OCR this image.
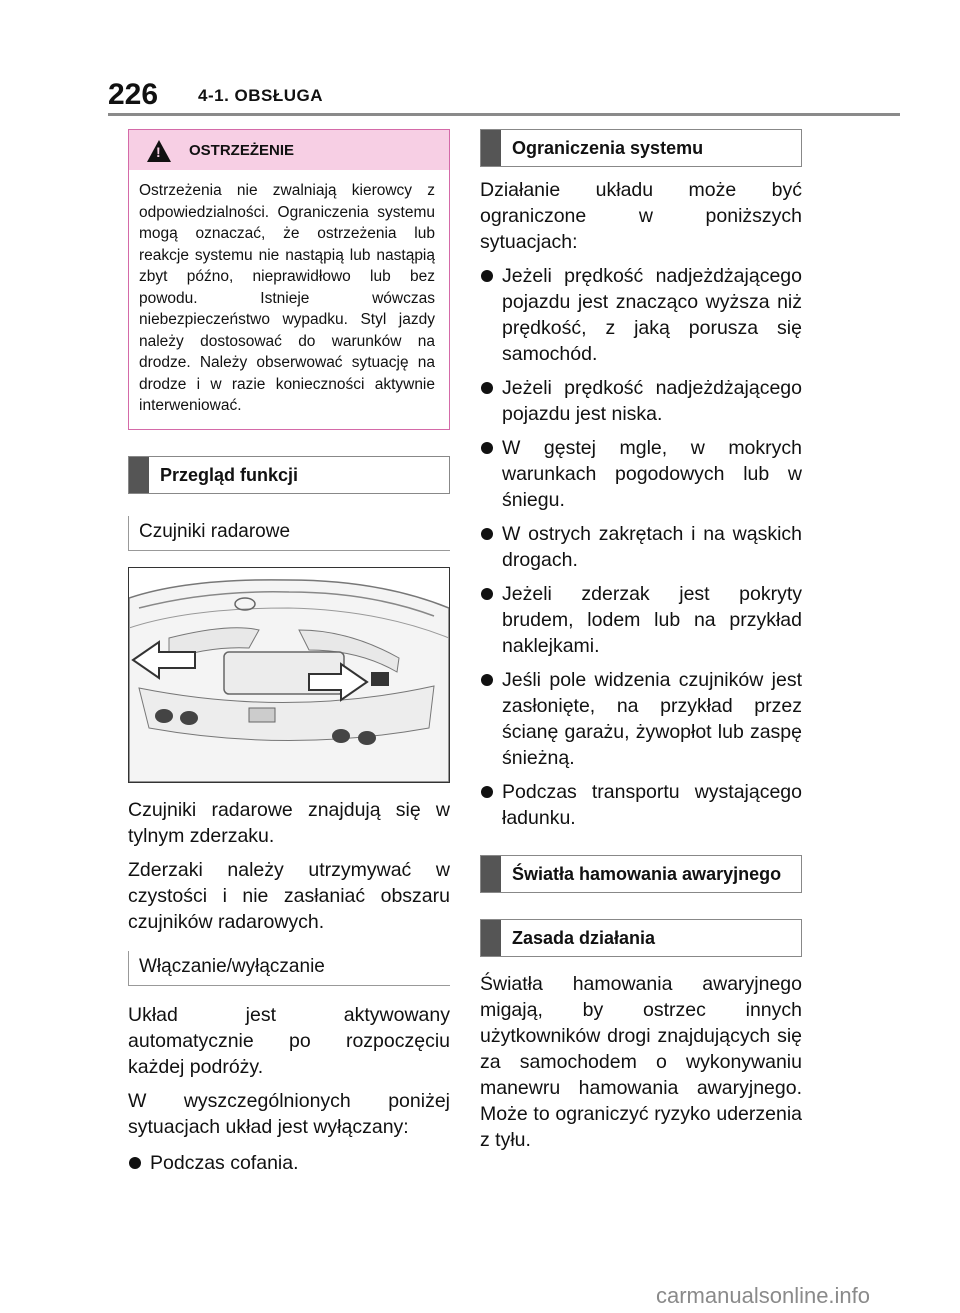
226 4-1. OBSŁUGA
!
OSTRZEŻENIE
Ostrzeżenia nie zwalniają kierowcy z odpowiedzialności. Ograniczenia systemu mogą oznaczać, że ostrzeżenia lub reakcje systemu nie nastąpią lub nastąpią zbyt późno, nieprawidłowo lub bez powodu. Istnieje wówczas niebezpieczeństwo wypadku. Styl jazdy należy dostosować do warunków na drodze. Należy obserwować sytuację na drodze i w razie konieczności aktywnie interweniować.
Przegląd funkcji
Czujniki radarowe

Czujniki radarowe znajdują się w tylnym zderzaku.

Zderzaki należy utrzymywać w czystości i nie zasłaniać obszaru czujników radarowych.

Włączanie/wyłączanie

Układ jest aktywowany automatycznie po rozpoczęciu każdej podróży.

W wyszczególnionych poniżej sytuacjach układ jest wyłączany:

Podczas cofania.
Ograniczenia systemu

Działanie układu może być ograniczone w poniższych sytuacjach:

Jeżeli prędkość nadjeżdżającego pojazdu jest znacząco wyższa niż prędkość, z jaką porusza się samochód.
Jeżeli prędkość nadjeżdżającego pojazdu jest niska.
W gęstej mgle, w mokrych warunkach pogodowych lub w śniegu.
W ostrych zakrętach i na wąskich drogach.
Jeżeli zderzak jest pokryty brudem, lodem lub na przykład naklejkami.
Jeśli pole widzenia czujników jest zasłonięte, na przykład przez ścianę garażu, żywopłot lub zaspę śnieżną.
Podczas transportu wystającego ładunku.
Światła hamowania awaryjnego
Zasada działania

Światła hamowania awaryjnego migają, by ostrzec innych użytkowników drogi znajdujących się za samochodem o wykonywaniu manewru hamowania awaryjnego. Może to ograniczyć ryzyko uderzenia z tyłu.

carmanualsonline.info
